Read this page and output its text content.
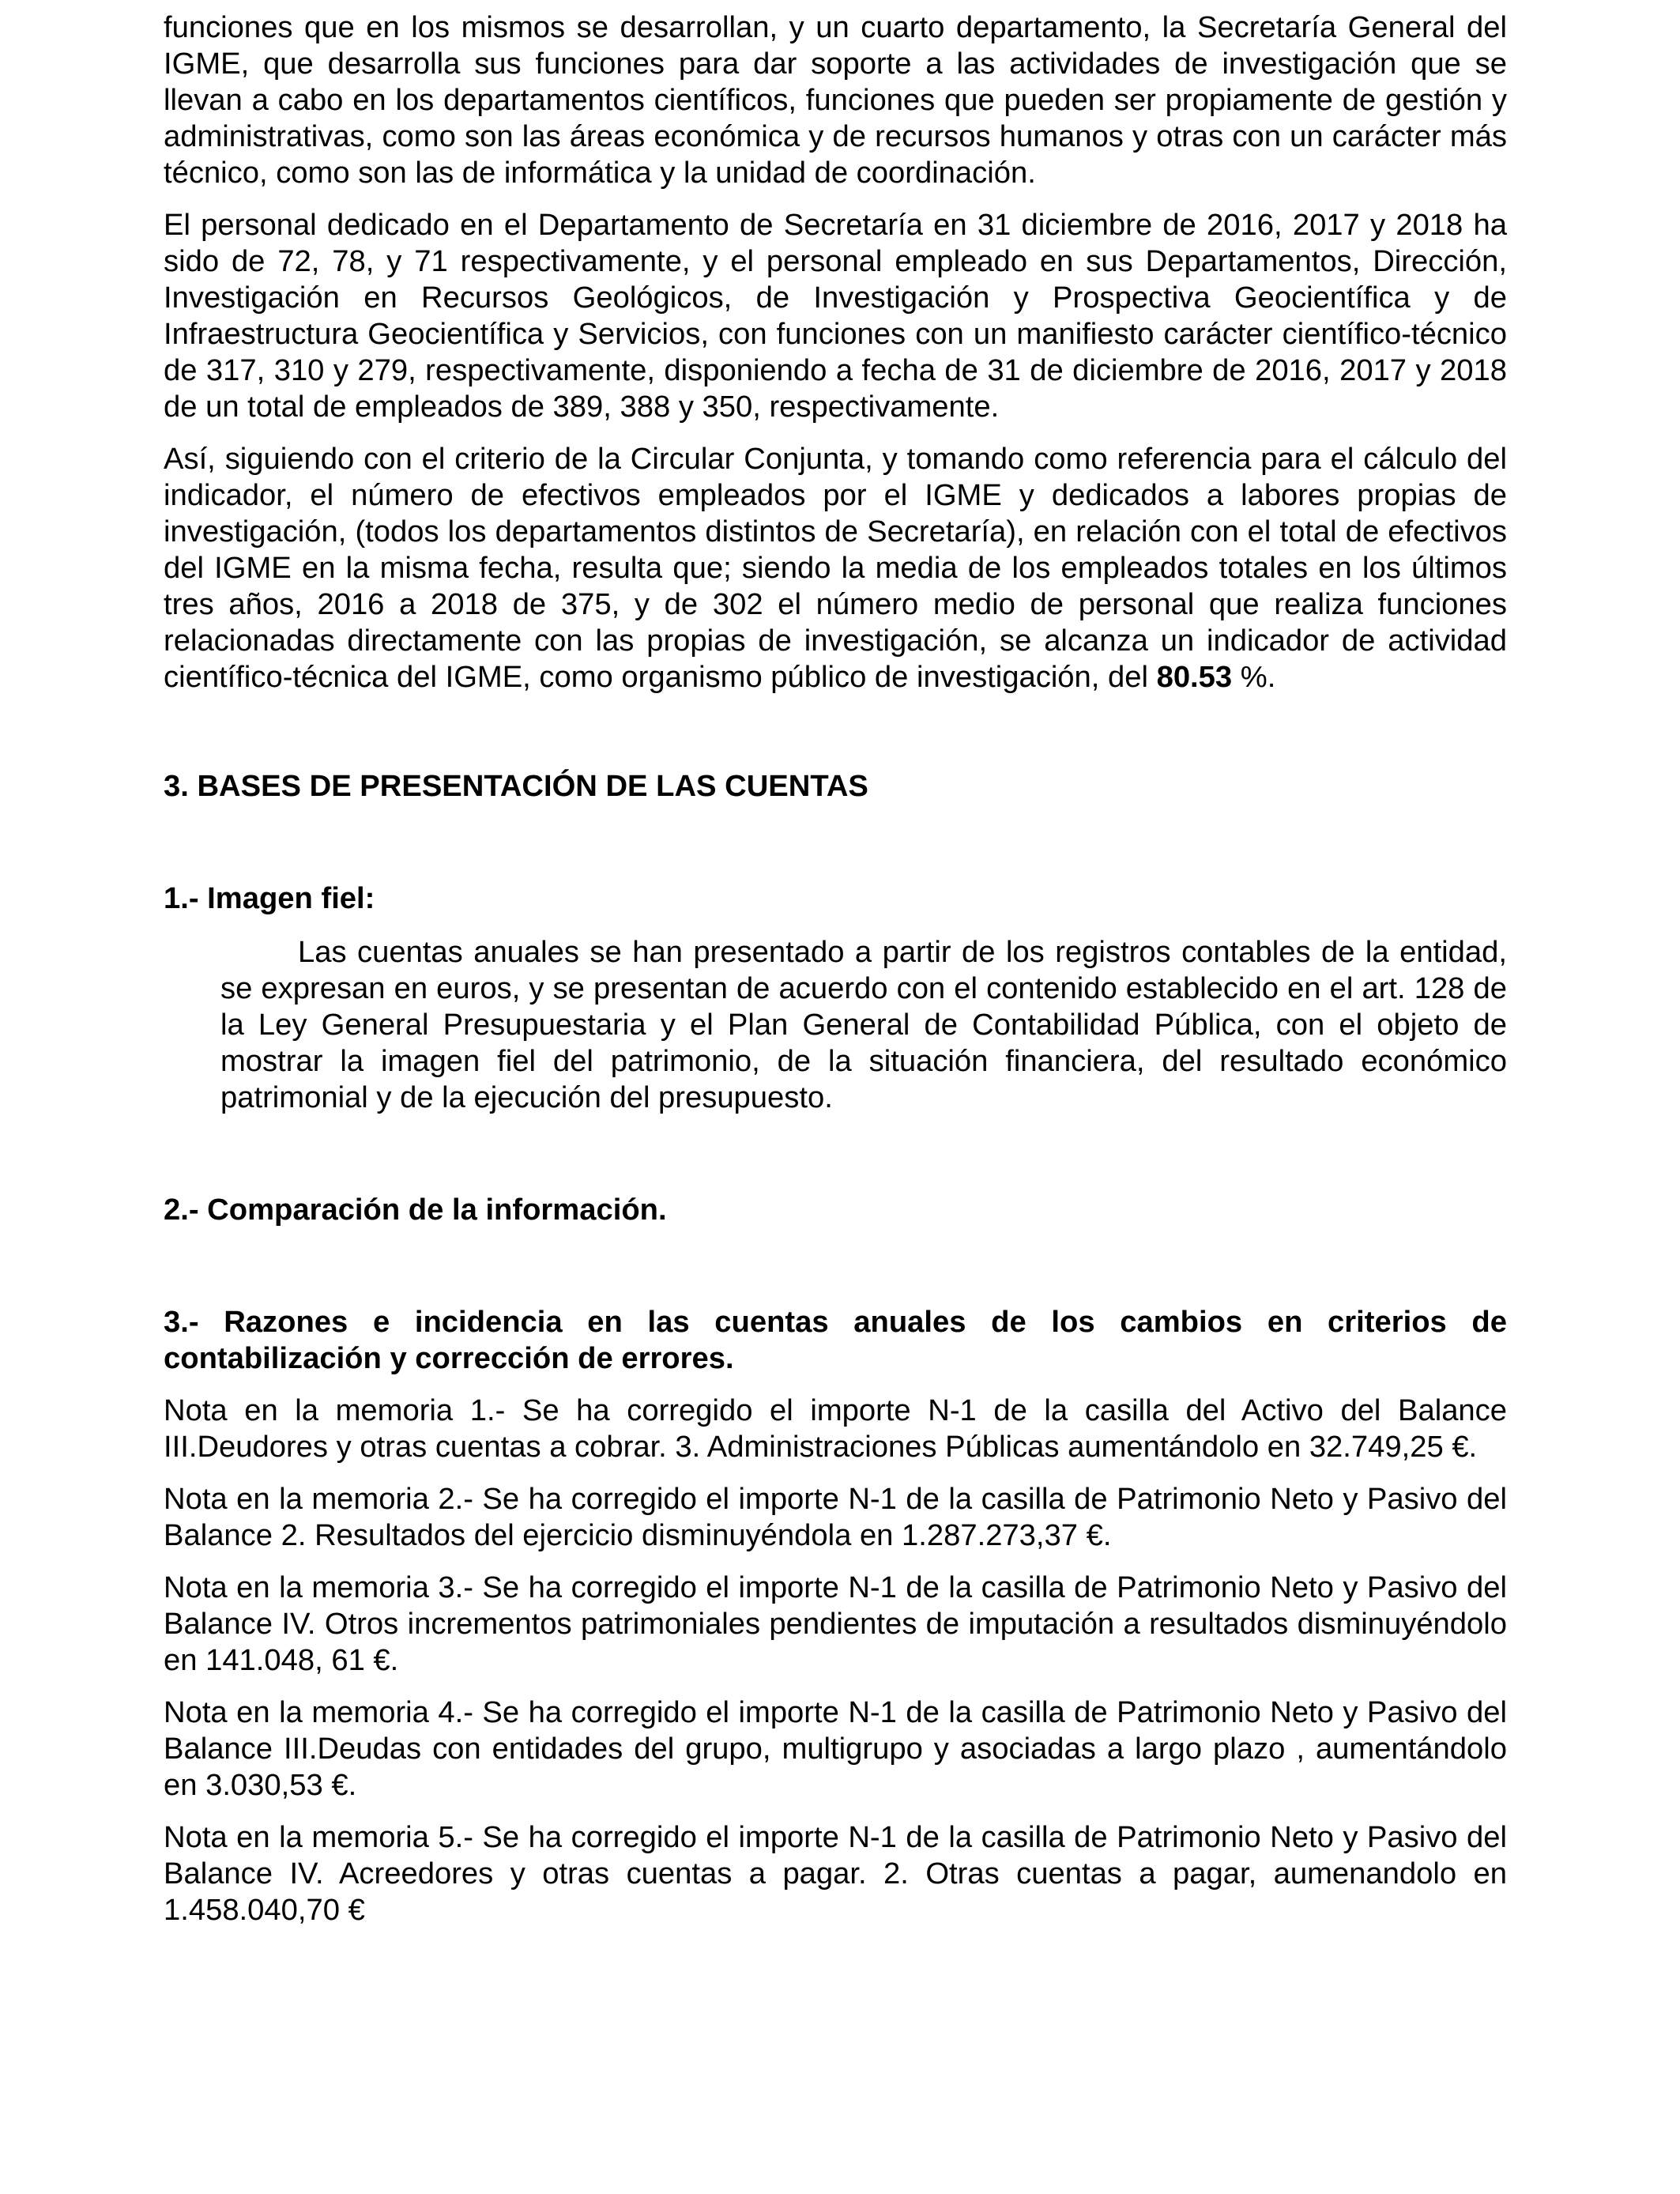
funciones que en los mismos se desarrollan, y un cuarto departamento, la Secretaría General del IGME, que desarrolla sus funciones para dar soporte a las actividades de investigación que se llevan a cabo en los departamentos científicos, funciones que pueden ser propiamente de gestión y administrativas, como son las áreas económica y de recursos humanos y otras con un carácter más técnico, como son las de informática y la unidad de coordinación.

El personal dedicado en el Departamento de Secretaría en 31 diciembre de 2016, 2017 y 2018 ha sido de 72, 78, y 71 respectivamente, y el personal empleado en sus Departamentos, Dirección, Investigación en Recursos Geológicos, de Investigación y Prospectiva Geocientífica y de Infraestructura Geocientífica y Servicios, con funciones con un manifiesto carácter científico-técnico de 317, 310 y 279, respectivamente, disponiendo a fecha de 31 de diciembre de 2016, 2017 y 2018 de un total de empleados de 389, 388 y 350, respectivamente.

Así, siguiendo con el criterio de la Circular Conjunta, y tomando como referencia para el cálculo del indicador, el número de efectivos empleados por el IGME y dedicados a labores propias de investigación, (todos los departamentos distintos de Secretaría), en relación con el total de efectivos del IGME en la misma fecha, resulta que; siendo la media de los empleados totales en los últimos tres años, 2016 a 2018 de 375, y de 302 el número medio de personal que realiza funciones relacionadas directamente con las propias de investigación, se alcanza un indicador de actividad científico-técnica del IGME, como organismo público de investigación, del 80.53 %.

3. BASES DE PRESENTACIÓN DE LAS CUENTAS
1.- Imagen fiel:

Las cuentas anuales se han presentado a partir de los registros contables de la entidad, se expresan en euros, y se presentan de acuerdo con el contenido establecido en el art. 128 de la Ley General Presupuestaria y el Plan General de Contabilidad Pública, con el objeto de mostrar la imagen fiel del patrimonio, de la situación financiera, del resultado económico patrimonial y de la ejecución del presupuesto.

2.- Comparación de la información.
3.- Razones e incidencia en las cuentas anuales de los cambios en criterios de contabilización y corrección de errores.

Nota en la memoria 1.- Se ha corregido el importe N-1 de la casilla del Activo del Balance III.Deudores y otras cuentas a cobrar. 3. Administraciones Públicas aumentándolo en 32.749,25 €.

Nota en la memoria 2.- Se ha corregido el importe N-1 de la casilla de Patrimonio Neto y Pasivo del Balance 2. Resultados del ejercicio disminuyéndola en 1.287.273,37 €.

Nota en la memoria 3.- Se ha corregido el importe N-1 de la casilla de Patrimonio Neto y Pasivo del Balance IV. Otros incrementos patrimoniales pendientes de imputación a resultados disminuyéndolo en 141.048, 61 €.

Nota en la memoria 4.- Se ha corregido el importe N-1 de la casilla de Patrimonio Neto y Pasivo del Balance III.Deudas con entidades del grupo, multigrupo y asociadas a largo plazo , aumentándolo en 3.030,53 €.

Nota en la memoria 5.- Se ha corregido el importe N-1 de la casilla de Patrimonio Neto y Pasivo del Balance IV. Acreedores y otras cuentas a pagar. 2. Otras cuentas a pagar, aumenandolo en 1.458.040,70 €
